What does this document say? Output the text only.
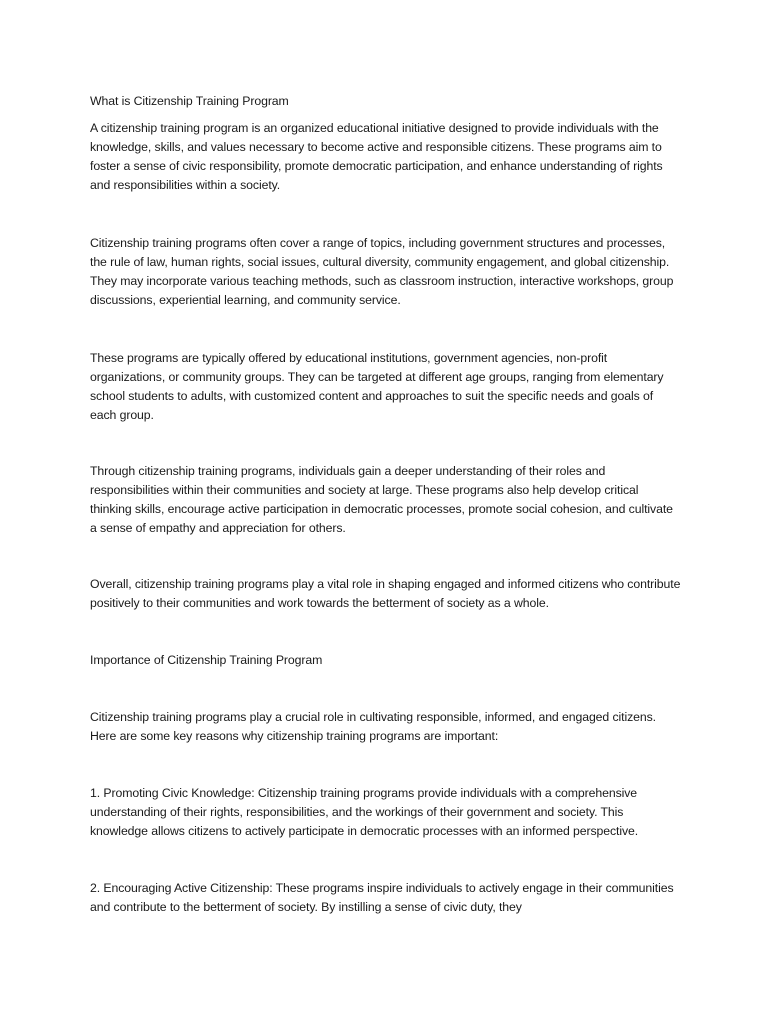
What is Citizenship Training Program

A citizenship training program is an organized educational initiative designed to provide individuals with the knowledge, skills, and values necessary to become active and responsible citizens. These programs aim to foster a sense of civic responsibility, promote democratic participation, and enhance understanding of rights and responsibilities within a society.

Citizenship training programs often cover a range of topics, including government structures and processes, the rule of law, human rights, social issues, cultural diversity, community engagement, and global citizenship. They may incorporate various teaching methods, such as classroom instruction, interactive workshops, group discussions, experiential learning, and community service.

These programs are typically offered by educational institutions, government agencies, non-profit organizations, or community groups. They can be targeted at different age groups, ranging from elementary school students to adults, with customized content and approaches to suit the specific needs and goals of each group.

Through citizenship training programs, individuals gain a deeper understanding of their roles and responsibilities within their communities and society at large. These programs also help develop critical thinking skills, encourage active participation in democratic processes, promote social cohesion, and cultivate a sense of empathy and appreciation for others.

Overall, citizenship training programs play a vital role in shaping engaged and informed citizens who contribute positively to their communities and work towards the betterment of society as a whole.

Importance of Citizenship Training Program

Citizenship training programs play a crucial role in cultivating responsible, informed, and engaged citizens. Here are some key reasons why citizenship training programs are important:

1. Promoting Civic Knowledge: Citizenship training programs provide individuals with a comprehensive understanding of their rights, responsibilities, and the workings of their government and society. This knowledge allows citizens to actively participate in democratic processes with an informed perspective.

2. Encouraging Active Citizenship: These programs inspire individuals to actively engage in their communities and contribute to the betterment of society. By instilling a sense of civic duty, they
